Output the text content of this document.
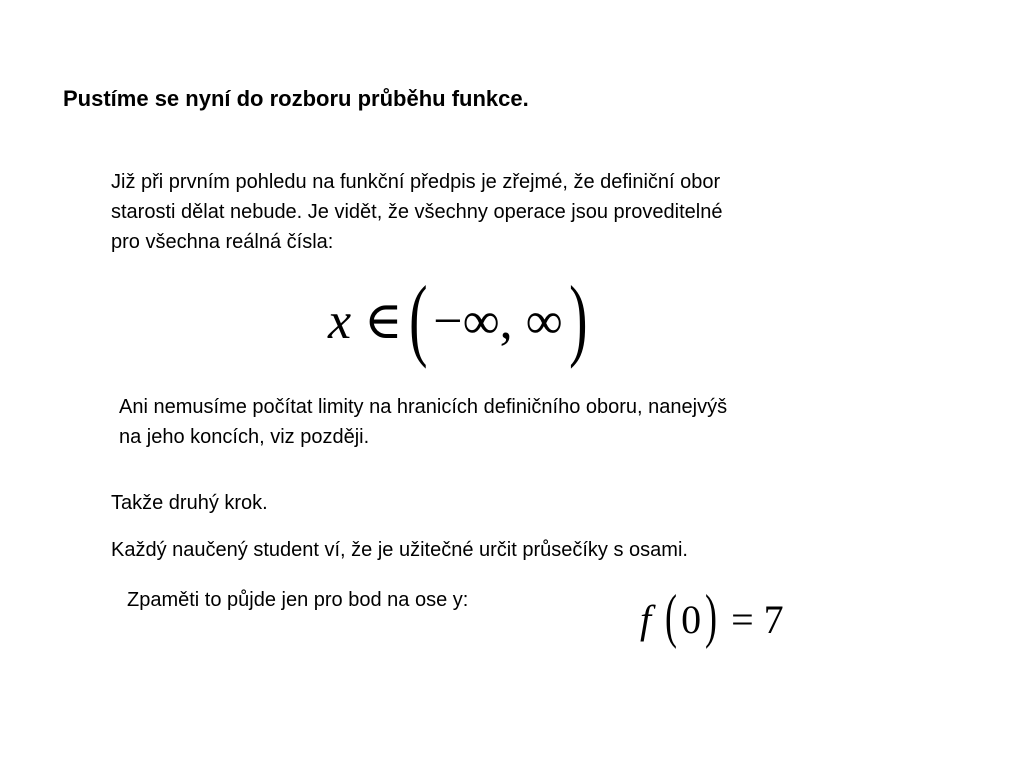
Pustíme se nyní do rozboru průběhu funkce.
Již při prvním pohledu na funkční předpis je zřejmé, že definiční obor
starosti dělat nebude. Je vidět, že všechny operace jsou proveditelné
pro všechna reálná čísla:
x ∈( −∞, ∞)
Ani nemusíme počítat limity na hranicích definičního oboru, nanejvýš
na jeho koncích, viz později.
Takže druhý krok.
Každý naučený student ví, že je užitečné určit průsečíky s osami.
Zpaměti to půjde jen pro bod na ose y:	f (0) = 7
